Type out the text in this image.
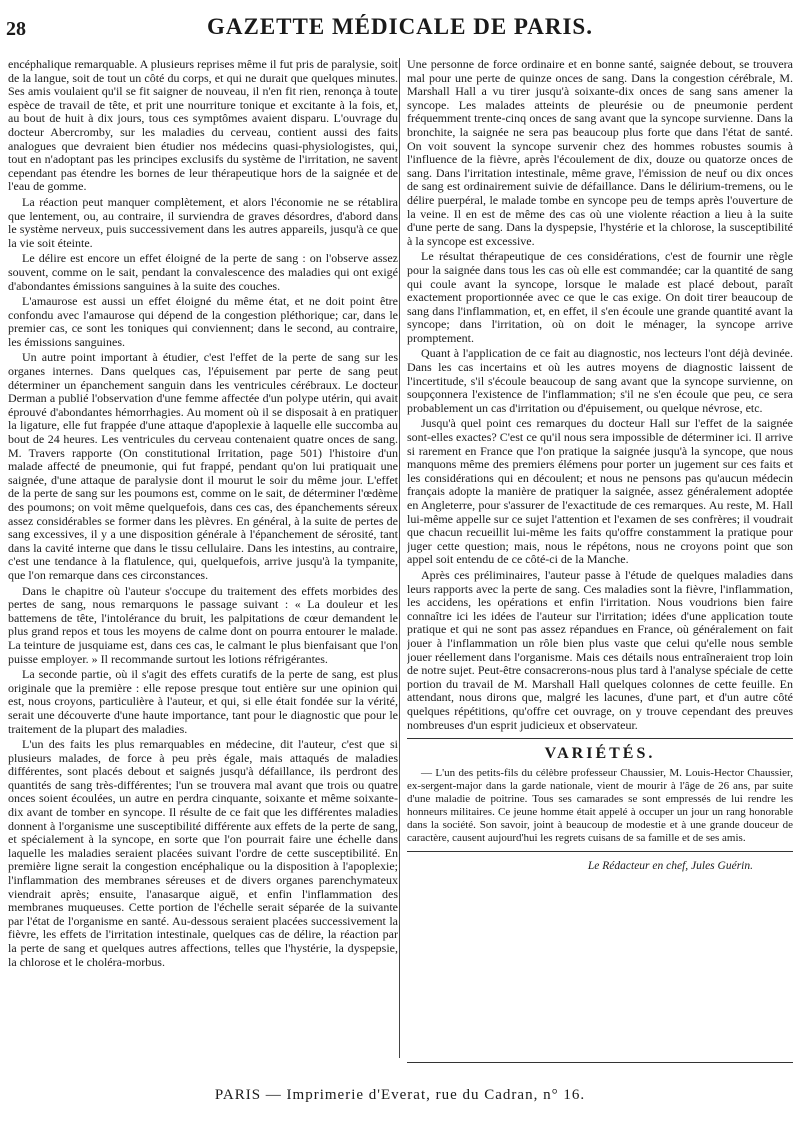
28	GAZETTE MÉDICALE DE PARIS.

encéphalique remarquable. A plusieurs reprises même il fut pris de paralysie, soit de la langue, soit de tout un côté du corps, et qui ne durait que quelques minutes. Ses amis voulaient qu'il se fit saigner de nouveau, il n'en fit rien, renonça à toute espèce de travail de tête, et prit une nourriture tonique et excitante à la fois, et, au bout de huit à dix jours, tous ces symptômes avaient disparu. L'ouvrage du docteur Abercromby, sur les maladies du cerveau, contient aussi des faits analogues que devraient bien étudier nos médecins quasi-physiologistes, qui, tout en n'adoptant pas les principes exclusifs du système de l'irritation, ne savent cependant pas étendre les bornes de leur thérapeutique hors de la saignée et de l'eau de gomme.

La réaction peut manquer complètement, et alors l'économie ne se rétablira que lentement, ou, au contraire, il surviendra de graves désordres, d'abord dans le système nerveux, puis successivement dans les autres appareils, jusqu'à ce que la vie soit éteinte.

Le délire est encore un effet éloigné de la perte de sang : on l'observe assez souvent, comme on le sait, pendant la convalescence des maladies qui ont exigé d'abondantes émissions sanguines à la suite des couches.

L'amaurose est aussi un effet éloigné du même état, et ne doit point être confondu avec l'amaurose qui dépend de la congestion pléthorique; car, dans le premier cas, ce sont les toniques qui conviennent; dans le second, au contraire, les émissions sanguines.

Un autre point important à étudier, c'est l'effet de la perte de sang sur les organes internes. Dans quelques cas, l'épuisement par perte de sang peut déterminer un épanchement sanguin dans les ventricules cérébraux. Le docteur Derman a publié l'observation d'une femme affectée d'un polype utérin, qui avait éprouvé d'abondantes hémorrhagies. Au moment où il se disposait à en pratiquer la ligature, elle fut frappée d'une attaque d'apoplexie à laquelle elle succomba au bout de 24 heures. Les ventricules du cerveau contenaient quatre onces de sang. M. Travers rapporte (On constitutional Irritation, page 501) l'histoire d'un malade affecté de pneumonie, qui fut frappé, pendant qu'on lui pratiquait une saignée, d'une attaque de paralysie dont il mourut le soir du même jour. L'effet de la perte de sang sur les poumons est, comme on le sait, de déterminer l'œdème des poumons; on voit même quelquefois, dans ces cas, des épanchements séreux assez considérables se former dans les plèvres. En général, à la suite de pertes de sang excessives, il y a une disposition générale à l'épanchement de sérosité, tant dans la cavité interne que dans le tissu cellulaire. Dans les intestins, au contraire, c'est une tendance à la flatulence, qui, quelquefois, arrive jusqu'à la tympanite, que l'on remarque dans ces circonstances.

Dans le chapitre où l'auteur s'occupe du traitement des effets morbides des pertes de sang, nous remarquons le passage suivant : « La douleur et les battemens de tête, l'intolérance du bruit, les palpitations de cœur demandent le plus grand repos et tous les moyens de calme dont on pourra entourer le malade. La teinture de jusquiame est, dans ces cas, le calmant le plus bienfaisant que l'on puisse employer. » Il recommande surtout les lotions réfrigérantes.

La seconde partie, où il s'agit des effets curatifs de la perte de sang, est plus originale que la première : elle repose presque tout entière sur une opinion qui est, nous croyons, particulière à l'auteur, et qui, si elle était fondée sur la vérité, serait une découverte d'une haute importance, tant pour le diagnostic que pour le traitement de la plupart des maladies.

L'un des faits les plus remarquables en médecine, dit l'auteur, c'est que si plusieurs malades, de force à peu près égale, mais attaqués de maladies différentes, sont placés debout et saignés jusqu'à défaillance, ils perdront des quantités de sang très-différentes; l'un se trouvera mal avant que trois ou quatre onces soient écoulées, un autre en perdra cinquante, soixante et même soixante-dix avant de tomber en syncope. Il résulte de ce fait que les différentes maladies donnent à l'organisme une susceptibilité différente aux effets de la perte de sang, et spécialement à la syncope, en sorte que l'on pourrait faire une échelle dans laquelle les maladies seraient placées suivant l'ordre de cette susceptibilité. En première ligne serait la congestion encéphalique ou la disposition à l'apoplexie; l'inflammation des membranes séreuses et de divers organes parenchymateux viendrait après; ensuite, l'anasarque aiguë, et enfin l'inflammation des membranes muqueuses. Cette portion de l'échelle serait séparée de la suivante par l'état de l'organisme en santé. Au-dessous seraient placées successivement la fièvre, les effets de l'irritation intestinale, quelques cas de délire, la réaction par la perte de sang et quelques autres affections, telles que l'hystérie, la dyspepsie, la chlorose et le choléra-morbus.

Une personne de force ordinaire et en bonne santé, saignée debout, se trouvera mal pour une perte de quinze onces de sang. Dans la congestion cérébrale, M. Marshall Hall a vu tirer jusqu'à soixante-dix onces de sang sans amener la syncope. Les malades atteints de pleurésie ou de pneumonie perdent fréquemment trente-cinq onces de sang avant que la syncope survienne. Dans la bronchite, la saignée ne sera pas beaucoup plus forte que dans l'état de santé. On voit souvent la syncope survenir chez des hommes robustes soumis à l'influence de la fièvre, après l'écoulement de dix, douze ou quatorze onces de sang. Dans l'irritation intestinale, même grave, l'émission de neuf ou dix onces de sang est ordinairement suivie de défaillance. Dans le délirium-tremens, ou le délire puerpéral, le malade tombe en syncope peu de temps après l'ouverture de la veine. Il en est de même des cas où une violente réaction a lieu à la suite d'une perte de sang. Dans la dyspepsie, l'hystérie et la chlorose, la susceptibilité à la syncope est excessive.

Le résultat thérapeutique de ces considérations, c'est de fournir une règle pour la saignée dans tous les cas où elle est commandée; car la quantité de sang qui coule avant la syncope, lorsque le malade est placé debout, paraît exactement proportionnée avec ce que le cas exige. On doit tirer beaucoup de sang dans l'inflammation, et, en effet, il s'en écoule une grande quantité avant la syncope; dans l'irritation, où on doit le ménager, la syncope arrive promptement.

Quant à l'application de ce fait au diagnostic, nos lecteurs l'ont déjà devinée. Dans les cas incertains et où les autres moyens de diagnostic laissent de l'incertitude, s'il s'écoule beaucoup de sang avant que la syncope survienne, on soupçonnera l'existence de l'inflammation; s'il ne s'en écoule que peu, ce sera probablement un cas d'irritation ou d'épuisement, ou quelque névrose, etc.

Jusqu'à quel point ces remarques du docteur Hall sur l'effet de la saignée sont-elles exactes? C'est ce qu'il nous sera impossible de déterminer ici. Il arrive si rarement en France que l'on pratique la saignée jusqu'à la syncope, que nous manquons même des premiers élémens pour porter un jugement sur ces faits et les considérations qui en découlent; et nous ne pensons pas qu'aucun médecin français adopte la manière de pratiquer la saignée, assez généralement adoptée en Angleterre, pour s'assurer de l'exactitude de ces remarques. Au reste, M. Hall lui-même appelle sur ce sujet l'attention et l'examen de ses confrères; il voudrait que chacun recueillit lui-même les faits qu'offre constamment la pratique pour juger cette question; mais, nous le répétons, nous ne croyons point que son appel soit entendu de ce côté-ci de la Manche.

Après ces préliminaires, l'auteur passe à l'étude de quelques maladies dans leurs rapports avec la perte de sang. Ces maladies sont la fièvre, l'inflammation, les accidens, les opérations et enfin l'irritation. Nous voudrions bien faire connaître ici les idées de l'auteur sur l'irritation; idées d'une application toute pratique et qui ne sont pas assez répandues en France, où généralement on fait jouer à l'inflammation un rôle bien plus vaste que celui qu'elle nous semble jouer réellement dans l'organisme. Mais ces détails nous entraîneraient trop loin de notre sujet. Peut-être consacrerons-nous plus tard à l'analyse spéciale de cette portion du travail de M. Marshall Hall quelques colonnes de cette feuille. En attendant, nous dirons que, malgré les lacunes, d'une part, et d'un autre côté quelques répétitions, qu'offre cet ouvrage, on y trouve cependant des preuves nombreuses d'un esprit judicieux et observateur.

VARIÉTÉS.

— L'un des petits-fils du célèbre professeur Chaussier, M. Louis-Hector Chaussier, ex-sergent-major dans la garde nationale, vient de mourir à l'âge de 26 ans, par suite d'une maladie de poitrine. Tous ses camarades se sont empressés de lui rendre les honneurs militaires. Ce jeune homme était appelé à occuper un jour un rang honorable dans la société. Son savoir, joint à beaucoup de modestie et à une grande douceur de caractère, causent aujourd'hui les regrets cuisans de sa famille et de ses amis.

Le Rédacteur en chef, Jules Guérin.
PARIS — Imprimerie d'Everat, rue du Cadran, n° 16.
